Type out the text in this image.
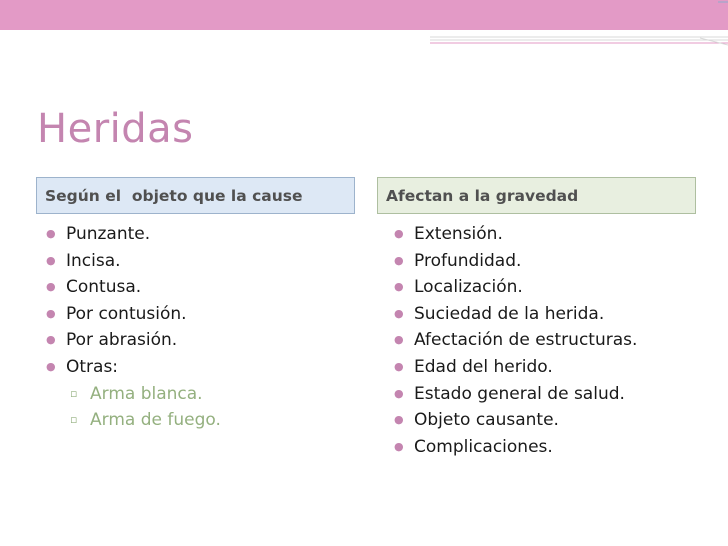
Heridas
Según el  objeto que la cause	Afectan a la gravedad
● Punzante.
● Incisa.
● Contusa.
● Por contusión.
● Por abrasión.
● Otras:
▫ Arma blanca.
▫ Arma de fuego.
● Extensión.
● Profundidad.
● Localización.
● Suciedad de la herida.
● Afectación de estructuras.
● Edad del herido.
● Estado general de salud.
● Objeto causante.
● Complicaciones.
